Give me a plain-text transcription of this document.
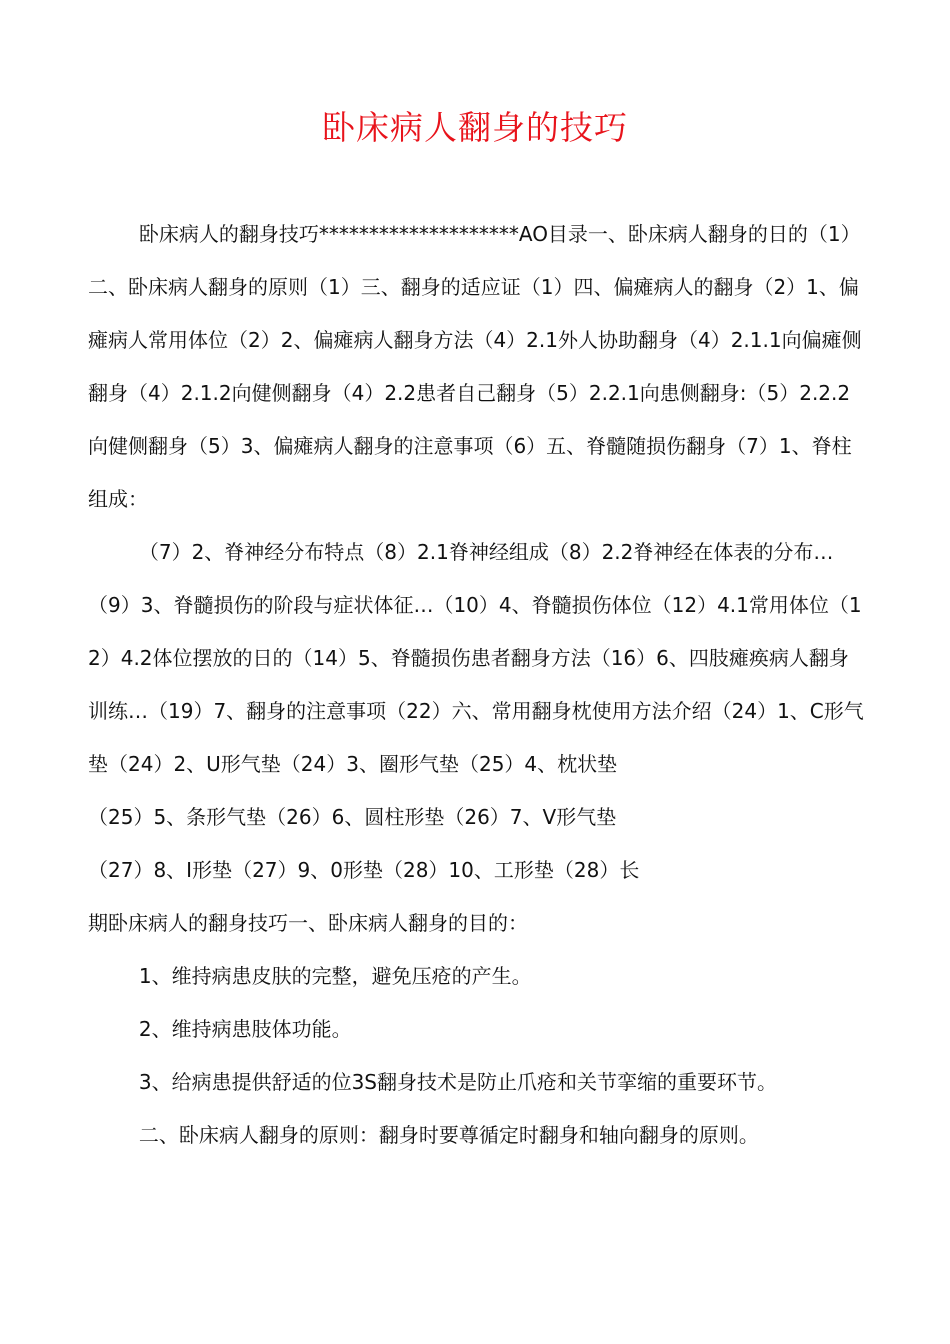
卧床病人翻身的技巧

卧床病人的翻身技巧********************AO目录一、卧床病人翻身的日的（1）二、卧床病人翻身的原则（1）三、翻身的适应证（1）四、偏瘫病人的翻身（2）1、偏瘫病人常用体位（2）2、偏瘫病人翻身方法（4）2.1外人协助翻身（4）2.1.1向偏瘫侧翻身（4）2.1.2向健侧翻身（4）2.2患者自己翻身（5）2.2.1向患侧翻身:（5）2.2.2向健侧翻身（5）3、偏瘫病人翻身的注意事项（6）五、脊髓随损伤翻身（7）1、脊柱组成：

（7）2、脊神经分布特点（8）2.1脊神经组成（8）2.2脊神经在体表的分布…（9）3、脊髓损伤的阶段与症状体征…（10）4、脊髓损伤体位（12）4.1常用体位（12）4.2体位摆放的日的（14）5、脊髓损伤患者翻身方法（16）6、四肢瘫痪病人翻身训练…（19）7、翻身的注意事项（22）六、常用翻身枕使用方法介绍（24）1、C形气垫（24）2、U形气垫（24）3、圈形气垫（25）4、枕状垫

（25）5、条形气垫（26）6、圆柱形垫（26）7、V形气垫

（27）8、I形垫（27）9、0形垫（28）10、工形垫（28）长

期卧床病人的翻身技巧一、卧床病人翻身的目的：

1、维持病患皮肤的完整，避免压疮的产生。

2、维持病患肢体功能。

3、给病患提供舒适的位3S翻身技术是防止爪疮和关节挛缩的重要环节。

二、卧床病人翻身的原则：翻身时要尊循定时翻身和轴向翻身的原则。
